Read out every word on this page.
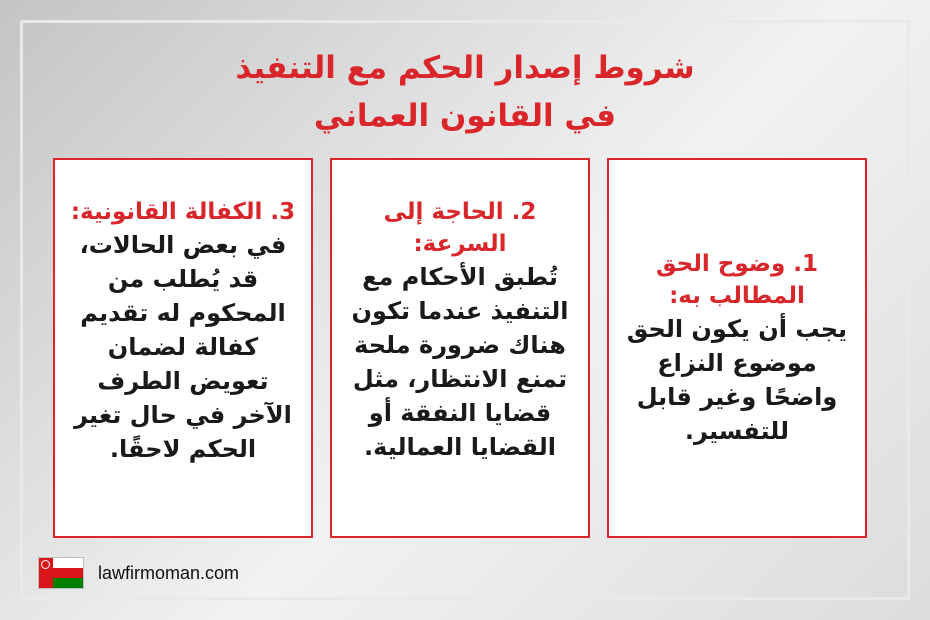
شروط إصدار الحكم مع التنفيذ
في القانون العماني
1. وضوح الحق المطالب به:
يجب أن يكون الحق موضوع النزاع واضحًا وغير قابل للتفسير.
2. الحاجة إلى السرعة:
تُطبق الأحكام مع التنفيذ عندما تكون هناك ضرورة ملحة تمنع الانتظار، مثل قضايا النفقة أو القضايا العمالية.
3. الكفالة القانونية:
في بعض الحالات، قد يُطلب من المحكوم له تقديم كفالة لضمان تعويض الطرف الآخر في حال تغير الحكم لاحقًا.
lawfirmoman.com
